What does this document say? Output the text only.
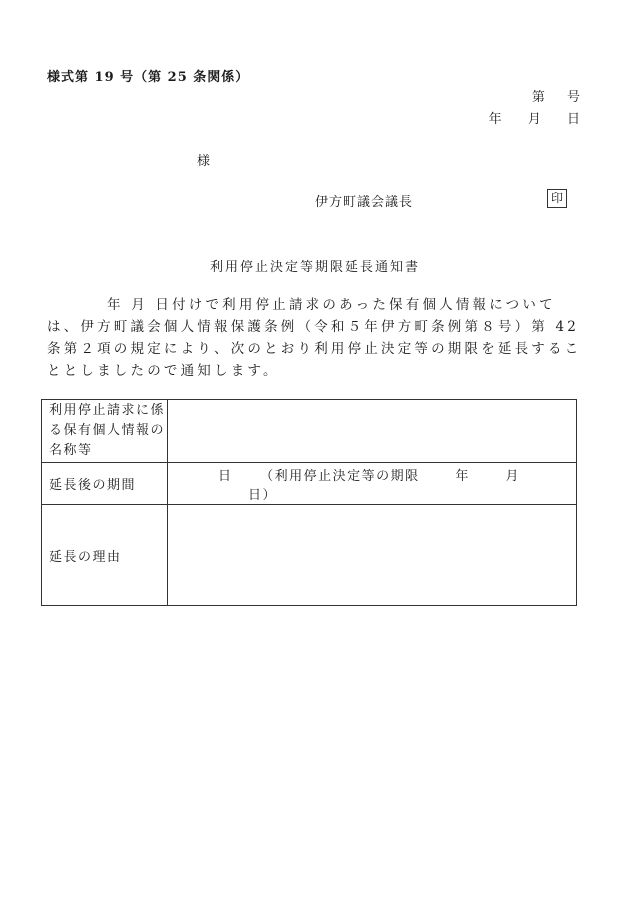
様式第 19 号（第 25 条関係）
第 号
年 月 日
様
伊方町議会議長	印
利用停止決定等期限延長通知書
年 月 日付けで利用停止請求のあった保有個人情報については、伊方町議会個人情報保護条例（令和５年伊方町条例第８号）第 42 条第２項の規定により、次のとおり利用停止決定等の期限を延長することとしましたので通知します。
利用停止請求に係る保有個人情報の名称等	
延長後の期間	日 （利用停止決定等の期限 年 月 日）
延長の理由	
